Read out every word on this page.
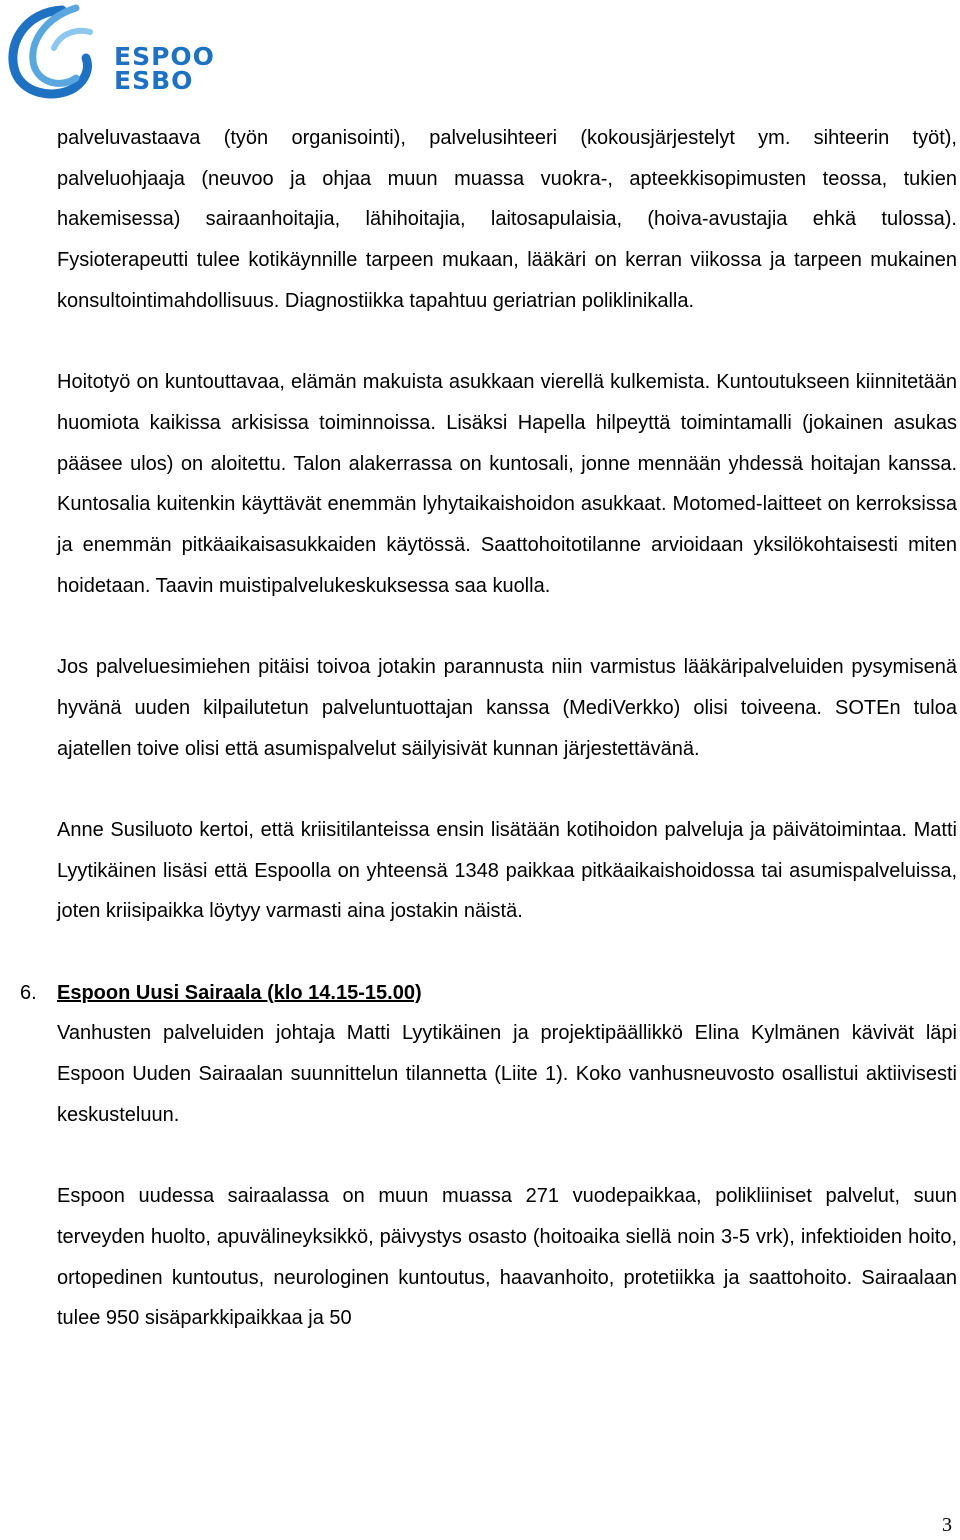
ESPOO
ESBO

palveluvastaava (työn organisointi), palvelusihteeri (kokousjärjestelyt ym. sihteerin työt), palveluohjaaja (neuvoo ja ohjaa muun muassa vuokra-, apteekkisopimusten teossa, tukien hakemisessa) sairaanhoitajia, lähihoitajia, laitosapulaisia, (hoiva-avustajia ehkä tulossa). Fysioterapeutti tulee kotikäynnille tarpeen mukaan, lääkäri on kerran viikossa ja tarpeen mukainen konsultointimahdollisuus. Diagnostiikka tapahtuu geriatrian poliklinikalla.

Hoitotyö on kuntouttavaa, elämän makuista asukkaan vierellä kulkemista. Kuntoutukseen kiinnitetään huomiota kaikissa arkisissa toiminnoissa. Lisäksi Hapella hilpeyttä toimintamalli (jokainen asukas pääsee ulos) on aloitettu. Talon alakerrassa on kuntosali, jonne mennään yhdessä hoitajan kanssa. Kuntosalia kuitenkin käyttävät enemmän lyhytaikaishoidon asukkaat. Motomed-laitteet on kerroksissa ja enemmän pitkäaikaisasukkaiden käytössä. Saattohoitotilanne arvioidaan yksilökohtaisesti miten hoidetaan. Taavin muistipalvelukeskuksessa saa kuolla.

Jos palveluesimiehen pitäisi toivoa jotakin parannusta niin varmistus lääkäripalveluiden pysymisenä hyvänä uuden kilpailutetun palveluntuottajan kanssa (MediVerkko) olisi toiveena. SOTEn tuloa ajatellen toive olisi että asumispalvelut säilyisivät kunnan järjestettävänä.

Anne Susiluoto kertoi, että kriisitilanteissa ensin lisätään kotihoidon palveluja ja päivätoimintaa. Matti Lyytikäinen lisäsi että Espoolla on yhteensä 1348 paikkaa pitkäaikaishoidossa tai asumispalveluissa, joten kriisipaikka löytyy varmasti aina jostakin näistä.

6. Espoon Uusi Sairaala (klo 14.15-15.00)

Vanhusten palveluiden johtaja Matti Lyytikäinen ja projektipäällikkö Elina Kylmänen kävivät läpi Espoon Uuden Sairaalan suunnittelun tilannetta (Liite 1). Koko vanhusneuvosto osallistui aktiivisesti keskusteluun.

Espoon uudessa sairaalassa on muun muassa 271 vuodepaikkaa, polikliiniset palvelut, suun terveyden huolto, apuvälineyksikkö, päivystys osasto (hoitoaika siellä noin 3-5 vrk), infektioiden hoito, ortopedinen kuntoutus, neurologinen kuntoutus, haavanhoito, protetiikka ja saattohoito. Sairaalaan tulee 950 sisäparkkipaikkaa ja 50

3
